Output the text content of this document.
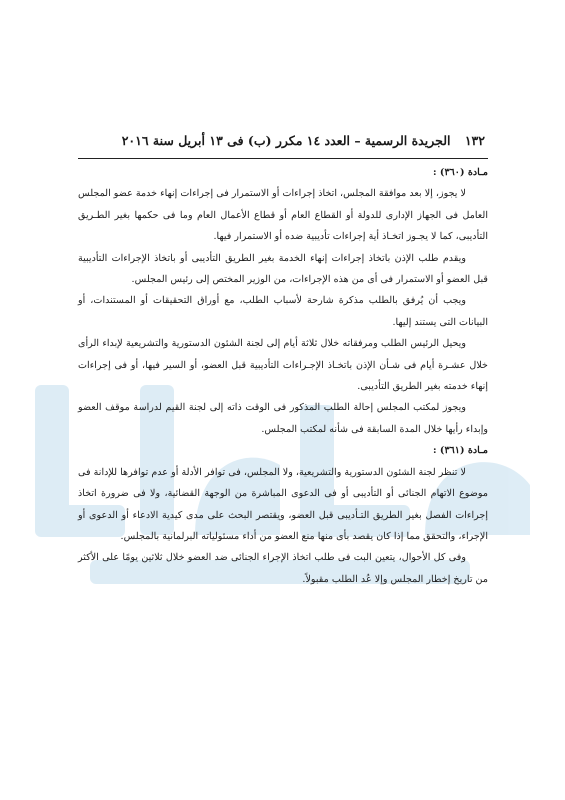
١٣٢ الجريدة الرسمية – العدد ١٤ مكرر (ب) فى ١٣ أبريل سنة ٢٠١٦

مـادة (٣٦٠) :

لا يجوز، إلا بعد موافقة المجلس، اتخاذ إجراءات أو الاستمرار فى إجراءات إنهاء خدمة عضو المجلس العامل فى الجهاز الإدارى للدولة أو القطاع العام أو قطاع الأعمال العام وما فى حكمها بغير الطـريق التأديبى، كما لا يجـوز اتخـاذ أية إجراءات تأديبية ضده أو الاستمرار فيها.

ويقدم طلب الإذن باتخاذ إجراءات إنهاء الخدمة بغير الطريق التأديبى أو باتخاذ الإجراءات التأديبية قبل العضو أو الاستمرار فى أى من هذه الإجراءات، من الوزير المختص إلى رئيس المجلس.

ويجب أن يُرفق بالطلب مذكرة شارحة لأسباب الطلب، مع أوراق التحقيقات أو المستندات، أو البيانات التى يستند إليها.

ويحيل الرئيس الطلب ومرفقاته خلال ثلاثة أيام إلى لجنة الشئون الدستورية والتشريعية لإبداء الرأى خلال عشـرة أيام فى شـأن الإذن باتخـاذ الإجـراءات التأديبية قبل العضو، أو السير فيها، أو فى إجراءات إنهاء خدمته بغير الطريق التأديبى.

ويجوز لمكتب المجلس إحالة الطلب المذكور فى الوقت ذاته إلى لجنة القيم لدراسة موقف العضو وإبداء رأيها خلال المدة السابقة فى شأنه لمكتب المجلس.

مـادة (٣٦١) :

لا تنظر لجنة الشئون الدستورية والتشريعية، ولا المجلس، فى توافر الأدلة أو عدم توافرها للإدانة فى موضوع الاتهام الجنائى أو التأديبى أو فى الدعوى المباشرة من الوجهة القضائية، ولا فى ضرورة اتخاذ إجراءات الفصل بغير الطريق التـأديبى قبل العضو، ويقتصر البحث على مدى كيدية الادعاء أو الدعوى أو الإجراء، والتحقق مما إذا كان يقصد بأى منها منع العضو من أداء مسئولياته البرلمانية بالمجلس.

وفى كل الأحوال، يتعين البت فى طلب اتخاذ الإجراء الجنائى ضد العضو خلال ثلاثين يومًا على الأكثر من تاريخ إخطار المجلس وإلا عُد الطلب مقبولاً.
